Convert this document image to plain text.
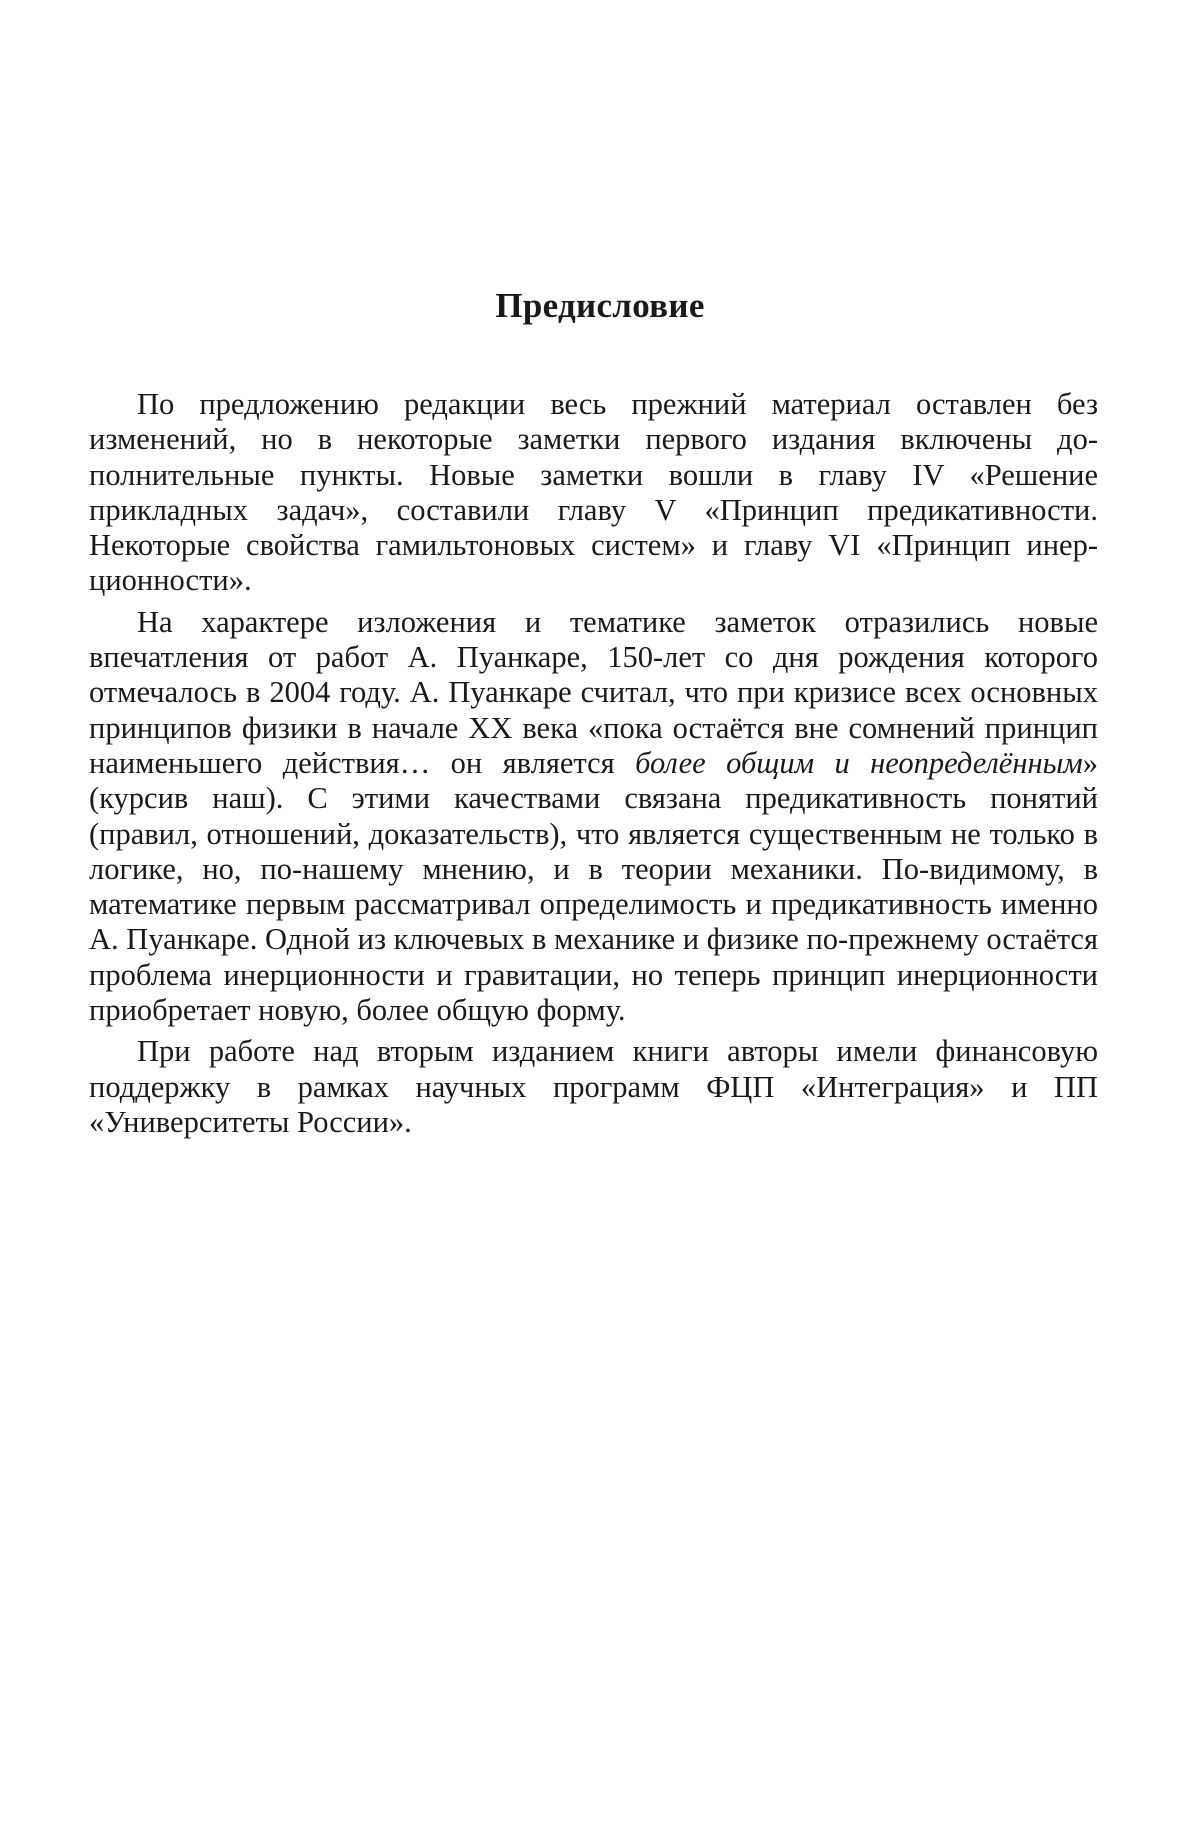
Предисловие

По предложению редакции весь прежний материал оставлен без изменений, но в некоторые заметки первого издания включены дополнительные пункты. Новые заметки вошли в главу IV «Решение прикладных задач», составили главу V «Принцип предикативности. Некоторые свойства гамильтоновых систем» и главу VI «Принцип инерционности».

На характере изложения и тематике заметок отразились новые впечатления от работ А. Пуанкаре, 150-лет со дня рождения которого отмечалось в 2004 году. А. Пуанкаре считал, что при кризисе всех основных принципов физики в начале XX века «пока остаётся вне сомнений принцип наименьшего действия… он является более общим и неопределённым» (курсив наш). С этими качествами связана предикативность понятий (правил, отношений, доказательств), что является существенным не только в логике, но, по-нашему мнению, и в теории механики. По-видимому, в математике первым рассматривал определимость и предикативность именно А. Пуанкаре. Одной из ключевых в механике и физике по-прежнему остаётся проблема инерционности и гравитации, но теперь принцип инерционности приобретает новую, более общую форму.

При работе над вторым изданием книги авторы имели финансовую поддержку в рамках научных программ ФЦП «Интеграция» и ПП «Университеты России».
